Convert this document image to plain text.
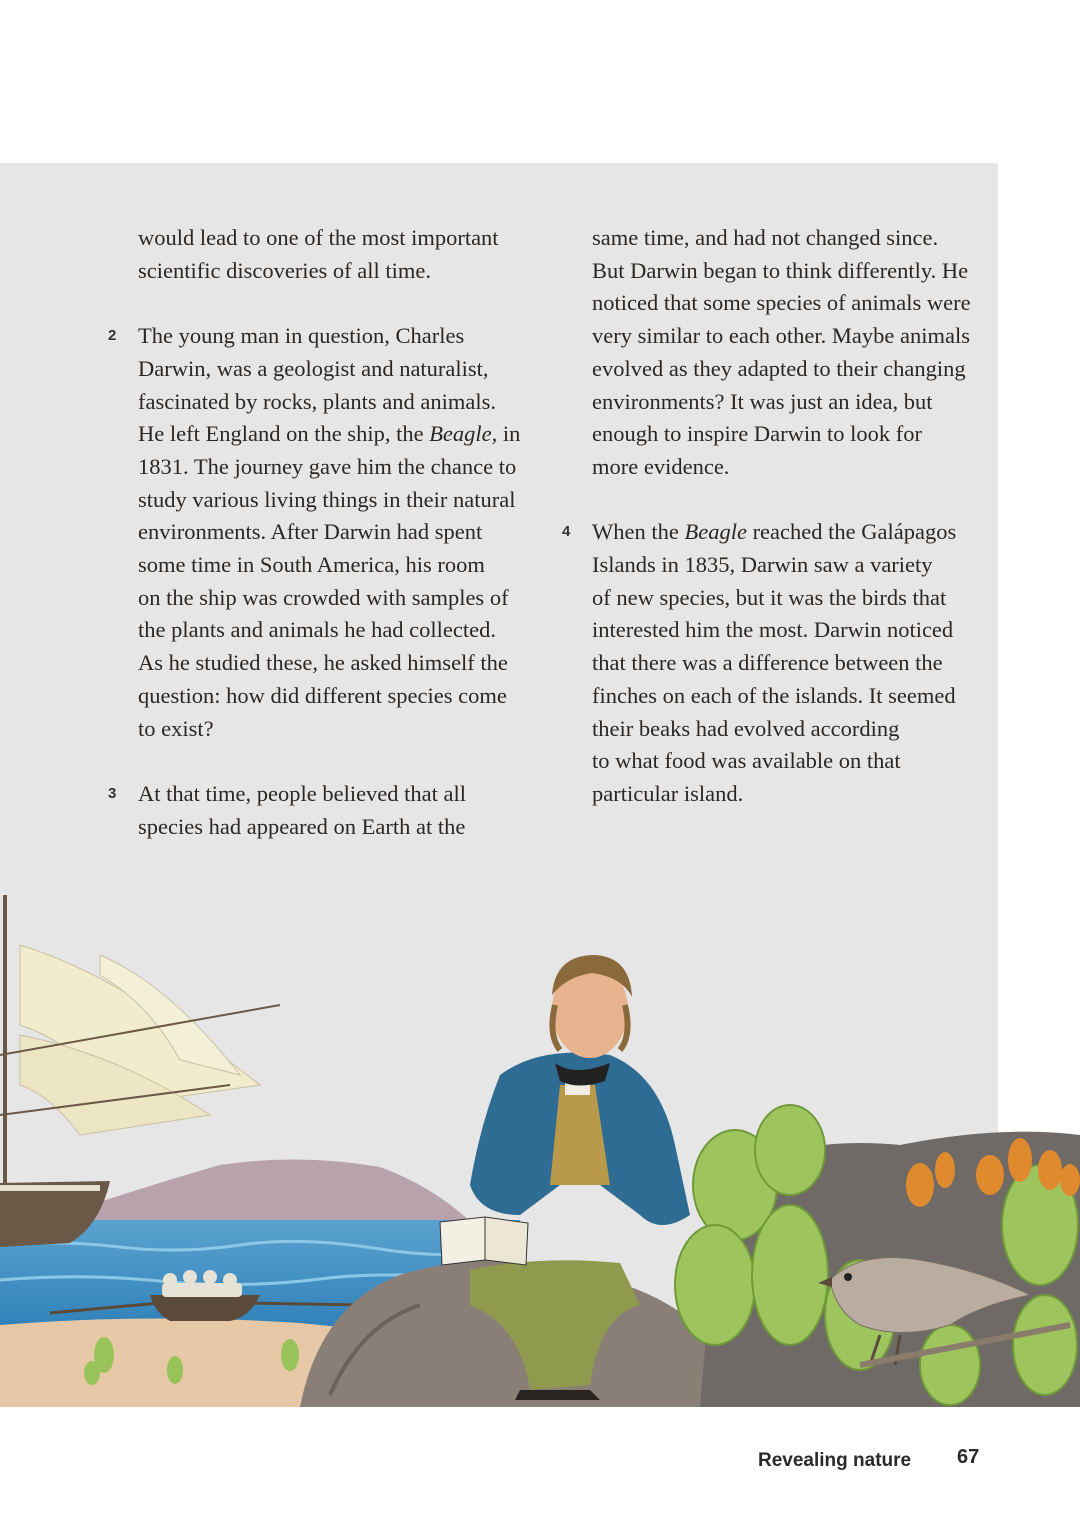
would lead to one of the most important
scientific discoveries of all time.
2 The young man in question, Charles
Darwin, was a geologist and naturalist,
fascinated by rocks, plants and animals.
He left England on the ship, the Beagle, in
1831. The journey gave him the chance to
study various living things in their natural
environments. After Darwin had spent
some time in South America, his room
on the ship was crowded with samples of
the plants and animals he had collected.
As he studied these, he asked himself the
question: how did different species come
to exist?
3 At that time, people believed that all
species had appeared on Earth at the
same time, and had not changed since.
But Darwin began to think differently. He
noticed that some species of animals were
very similar to each other. Maybe animals
evolved as they adapted to their changing
environments? It was just an idea, but
enough to inspire Darwin to look for
more evidence.
4 When the Beagle reached the Galápagos
Islands in 1835, Darwin saw a variety
of new species, but it was the birds that
interested him the most. Darwin noticed
that there was a difference between the
finches on each of the islands. It seemed
their beaks had evolved according
to what food was available on that
particular island.
Revealing nature 67
